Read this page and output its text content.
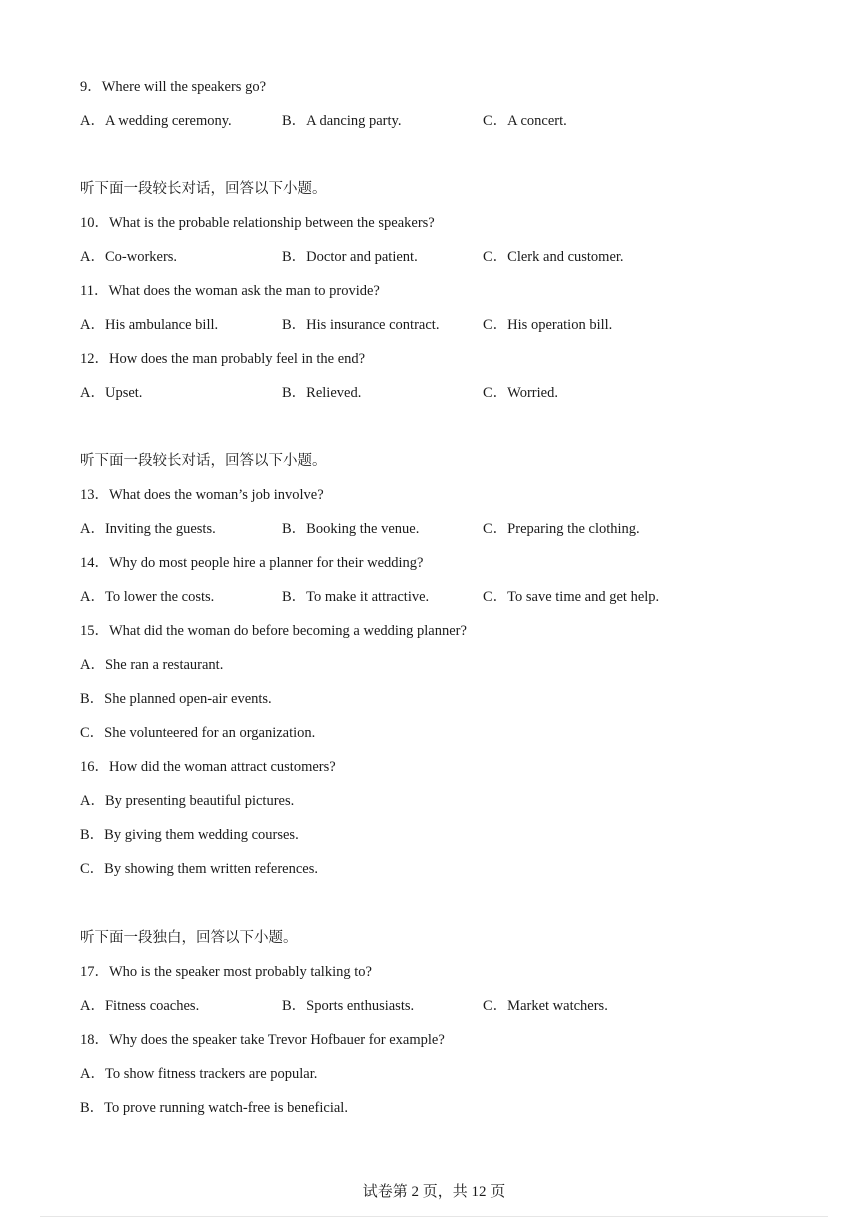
9．Where will the speakers go?
A．A wedding ceremony.	B．A dancing party.	C．A concert.
听下面一段较长对话，回答以下小题。
10．What is the probable relationship between the speakers?
A．Co-workers.	B．Doctor and patient.	C．Clerk and customer.
11．What does the woman ask the man to provide?
A．His ambulance bill.	B．His insurance contract.	C．His operation bill.
12．How does the man probably feel in the end?
A．Upset.	B．Relieved.	C．Worried.
听下面一段较长对话，回答以下小题。
13．What does the woman’s job involve?
A．Inviting the guests.	B．Booking the venue.	C．Preparing the clothing.
14．Why do most people hire a planner for their wedding?
A．To lower the costs.	B．To make it attractive.	C．To save time and get help.
15．What did the woman do before becoming a wedding planner?
A．She ran a restaurant.
B．She planned open-air events.
C．She volunteered for an organization.
16．How did the woman attract customers?
A．By presenting beautiful pictures.
B．By giving them wedding courses.
C．By showing them written references.
听下面一段独白，回答以下小题。
17．Who is the speaker most probably talking to?
A．Fitness coaches.	B．Sports enthusiasts.	C．Market watchers.
18．Why does the speaker take Trevor Hofbauer for example?
A．To show fitness trackers are popular.
B．To prove running watch-free is beneficial.
试卷第 2 页，共 12 页
